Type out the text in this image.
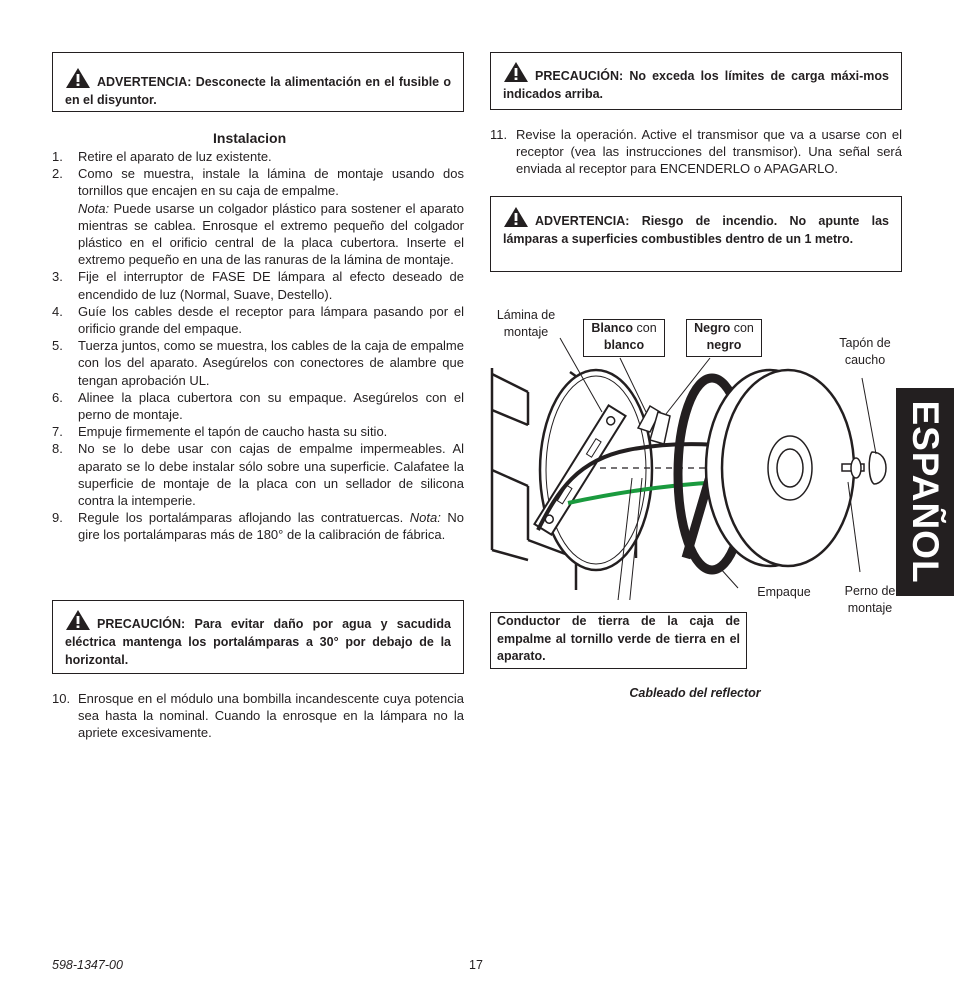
ADVERTENCIA: Desconecte la alimentación en el fusible o en el disyuntor.
Instalacion
1. Retire el aparato de luz existente.
2. Como se muestra, instale la lámina de montaje usando dos tornillos que encajen en su caja de empalme.
Nota: Puede usarse un colgador plástico para sostener el aparato mientras se cablea. Enrosque el extremo pequeño del colgador plástico en el orificio central de la placa cubertora. Inserte el extremo pequeño en una de las ranuras de la lámina de montaje.
3. Fije el interruptor de FASE DE lámpara al efecto deseado de encendido de luz (Normal, Suave, Destello).
4. Guíe los cables desde el receptor para lámpara pasando por el orificio grande del empaque.
5. Tuerza juntos, como se muestra, los cables de la caja de empalme con los del aparato. Asegúrelos con conectores de alambre que tengan aprobación UL.
6. Alinee la placa cubertora con su empaque. Asegúrelos con el perno de montaje.
7. Empuje firmemente el tapón de caucho hasta su sitio.
8. No se lo debe usar con cajas de empalme impermeables. Al aparato se lo debe instalar sólo sobre una superficie. Calafatee la superficie de montaje de la placa con un sellador de silicona contra la intemperie.
9. Regule los portalámparas aflojando las contratuercas. Nota: No gire los portalámparas más de 180° de la calibración de fábrica.
PRECAUCIÓN: Para evitar daño por agua y sacudida eléctrica mantenga los portalámparas a 30° por debajo de la horizontal.
10. Enrosque en el módulo una bombilla incandescente cuya potencia sea hasta la nominal. Cuando la enrosque en la lámpara no la apriete excesivamente.
PRECAUCIÓN: No exceda los límites de carga máxi-mos indicados arriba.
11. Revise la operación. Active el transmisor que va a usarse con el receptor (vea las instrucciones del transmisor). Una señal será enviada al receptor para ENCENDERLO o APAGARLO.
ADVERTENCIA: Riesgo de incendio. No apunte las lámparas a superficies combustibles dentro de un 1 metro.
Lámina de montaje	Blanco con
blanco
Negro con
negro	Tapón de caucho
Empaque	Perno de montaje
Conductor de tierra de la caja de empalme al tornillo verde de tierra en el aparato.
Cableado del reflector
ESPAÑOL
598-1347-00	17
